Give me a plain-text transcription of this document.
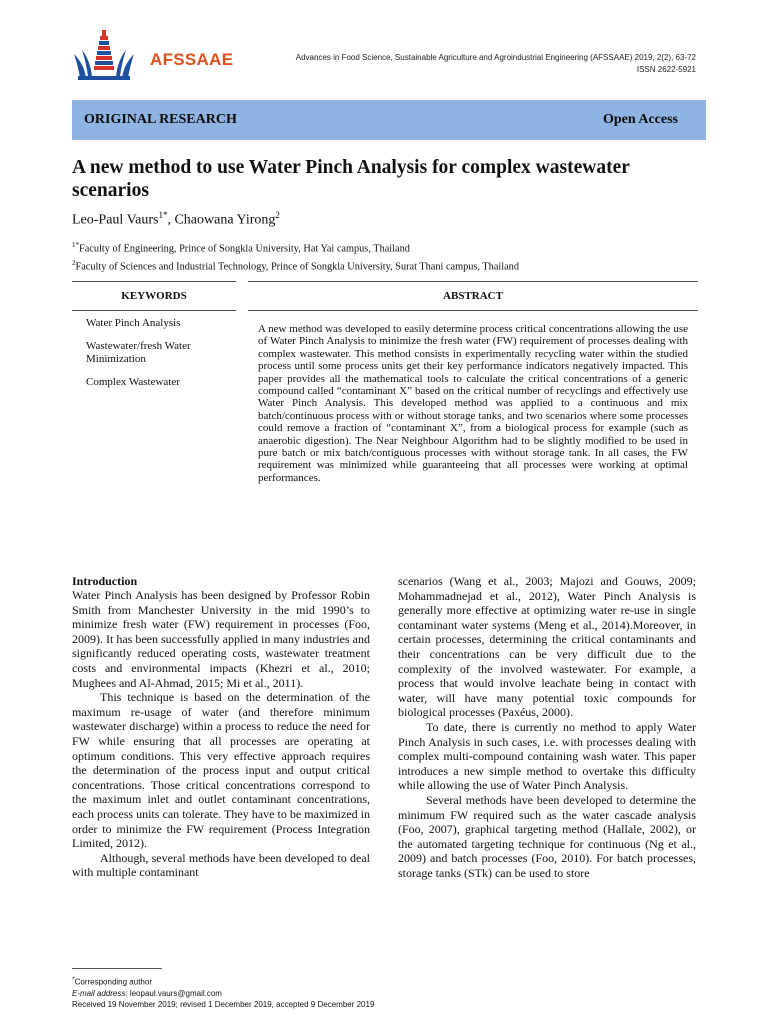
AFSSAAE	Advances in Food Science, Sustainable Agriculture and Agroindustrial Engineering (AFSSAAE) 2019, 2(2), 63-72
ISSN 2622-5921
ORIGINAL RESEARCH	Open Access
A new method to use Water Pinch Analysis for complex wastewater scenarios
Leo-Paul Vaurs$^{1*}$, Chaowana Yirong$^2$
$^{1*}$Faculty of Engineering, Prince of Songkla University, Hat Yai campus, Thailand
$^2$Faculty of Sciences and Industrial Technology, Prince of Songkla University, Surat Thani campus, Thailand
KEYWORDS	ABSTRACT
Water Pinch Analysis
Wastewater/fresh Water Minimization
Complex Wastewater
A new method was developed to easily determine process critical concentrations allowing the use of Water Pinch Analysis to minimize the fresh water (FW) requirement of processes dealing with complex wastewater. This method consists in experimentally recycling water within the studied process until some process units get their key performance indicators negatively impacted. This paper provides all the mathematical tools to calculate the critical concentrations of a generic compound called “contaminant X” based on the critical number of recyclings and effectively use Water Pinch Analysis. This developed method was applied to a continuous and mix batch/continuous process with or without storage tanks, and two scenarios where some processes could remove a fraction of “contaminant X”, from a biological process for example (such as anaerobic digestion). The Near Neighbour Algorithm had to be slightly modified to be used in pure batch or mix batch/contiguous processes with without storage tank. In all cases, the FW requirement was minimized while guaranteeing that all processes were working at optimal performances.
Introduction

Water Pinch Analysis has been designed by Professor Robin Smith from Manchester University in the mid 1990’s to minimize fresh water (FW) requirement in processes (Foo, 2009). It has been successfully applied in many industries and significantly reduced operating costs, wastewater treatment costs and environmental impacts (Khezri et al., 2010; Mughees and Al-Ahmad, 2015; Mi et al., 2011).

This technique is based on the determination of the maximum re-usage of water (and therefore minimum wastewater discharge) within a process to reduce the need for FW while ensuring that all processes are operating at optimum conditions. This very effective approach requires the determination of the process input and output critical concentrations. Those critical concentrations correspond to the maximum inlet and outlet contaminant concentrations, each process units can tolerate. They have to be maximized in order to minimize the FW requirement (Process Integration Limited, 2012).

Although, several methods have been developed to deal with multiple contaminant

scenarios (Wang et al., 2003; Majozi and Gouws, 2009; Mohammadnejad et al., 2012), Water Pinch Analysis is generally more effective at optimizing water re-use in single contaminant water systems (Meng et al., 2014).Moreover, in certain processes, determining the critical contaminants and their concentrations can be very difficult due to the complexity of the involved wastewater. For example, a process that would involve leachate being in contact with water, will have many potential toxic compounds for biological processes (Paxéus, 2000).

To date, there is currently no method to apply Water Pinch Analysis in such cases, i.e. with processes dealing with complex multi-compound containing wash water. This paper introduces a new simple method to overtake this difficulty while allowing the use of Water Pinch Analysis.

Several methods have been developed to determine the minimum FW required such as the water cascade analysis (Foo, 2007), graphical targeting method (Hallale, 2002), or the automated targeting technique for continuous (Ng et al., 2009) and batch processes (Foo, 2010). For batch processes, storage tanks (STk) can be used to store

*Corresponding author
E-mail address: leopaul.vaurs@gmail.com
Received 19 November 2019; revised 1 December 2019, accepted 9 December 2019
